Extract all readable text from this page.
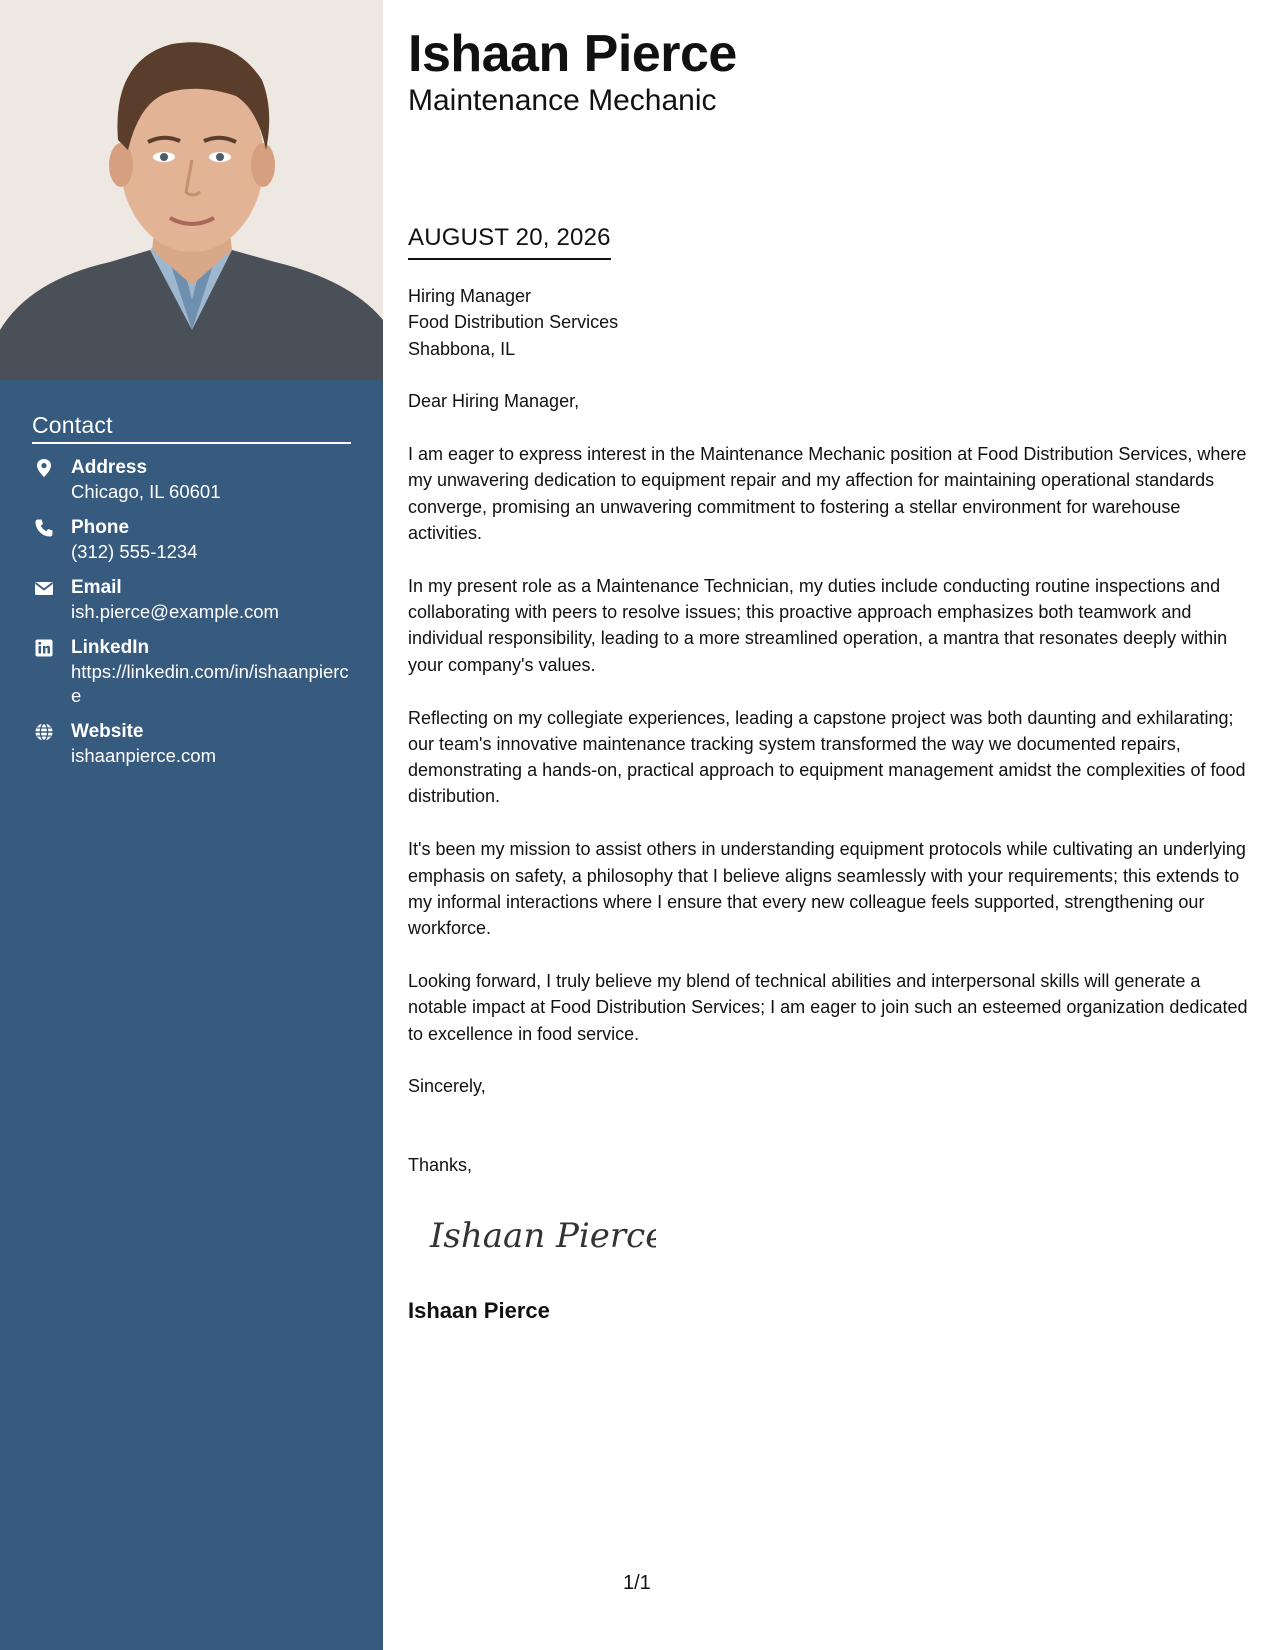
Contact
Address
Chicago, IL 60601
Phone
(312) 555-1234
Email
ish.pierce@example.com
LinkedIn
https://linkedin.com/in/ishaanpierce
Website
ishaanpierce.com
Ishaan Pierce
Maintenance Mechanic
AUGUST 20, 2026

Hiring Manager
Food Distribution Services
Shabbona, IL

Dear Hiring Manager,

I am eager to express interest in the Maintenance Mechanic position at Food Distribution Services, where my unwavering dedication to equipment repair and my affection for maintaining operational standards converge, promising an unwavering commitment to fostering a stellar environment for warehouse activities.

In my present role as a Maintenance Technician, my duties include conducting routine inspections and collaborating with peers to resolve issues; this proactive approach emphasizes both teamwork and individual responsibility, leading to a more streamlined operation, a mantra that resonates deeply within your company's values.

Reflecting on my collegiate experiences, leading a capstone project was both daunting and exhilarating; our team's innovative maintenance tracking system transformed the way we documented repairs, demonstrating a hands-on, practical approach to equipment management amidst the complexities of food distribution.

It's been my mission to assist others in understanding equipment protocols while cultivating an underlying emphasis on safety, a philosophy that I believe aligns seamlessly with your requirements; this extends to my informal interactions where I ensure that every new colleague feels supported, strengthening our workforce.

Looking forward, I truly believe my blend of technical abilities and interpersonal skills will generate a notable impact at Food Distribution Services; I am eager to join such an esteemed organization dedicated to excellence in food service.

Sincerely,

Thanks,

Ishaan Pierce
Ishaan Pierce
1/1
